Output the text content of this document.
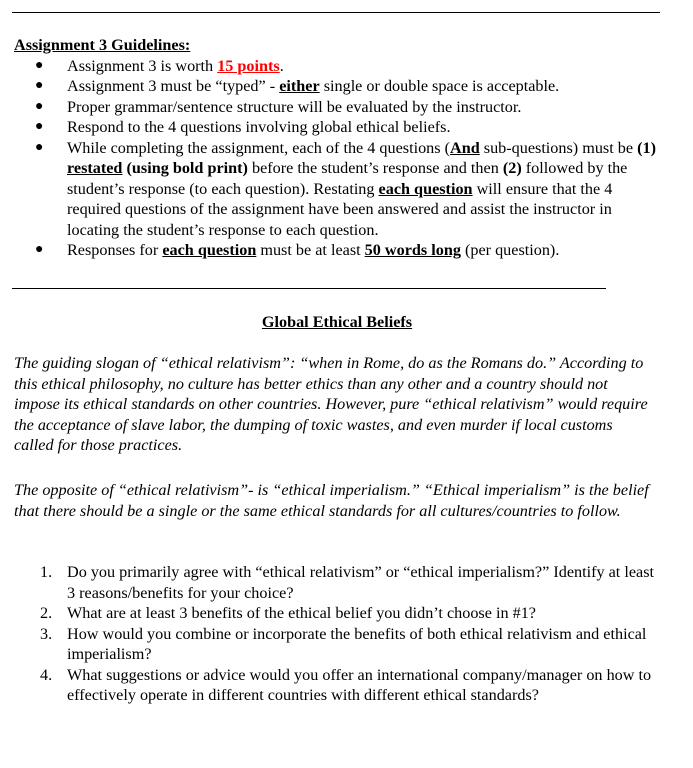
Assignment 3 Guidelines:
● Assignment 3 is worth 15 points.
● Assignment 3 must be “typed” - either single or double space is acceptable.
● Proper grammar/sentence structure will be evaluated by the instructor.
● Respond to the 4 questions involving global ethical beliefs.
● While completing the assignment, each of the 4 questions (And sub-questions) must be (1) restated (using bold print) before the student’s response and then (2) followed by the student’s response (to each question). Restating each question will ensure that the 4 required questions of the assignment have been answered and assist the instructor in locating the student’s response to each question.
● Responses for each question must be at least 50 words long (per question).
Global Ethical Beliefs

The guiding slogan of “ethical relativism”: “when in Rome, do as the Romans do.” According to this ethical philosophy, no culture has better ethics than any other and a country should not impose its ethical standards on other countries. However, pure “ethical relativism” would require the acceptance of slave labor, the dumping of toxic wastes, and even murder if local customs called for those practices.

The opposite of “ethical relativism”- is “ethical imperialism.” “Ethical imperialism” is the belief that there should be a single or the same ethical standards for all cultures/countries to follow.

1. Do you primarily agree with “ethical relativism” or “ethical imperialism?” Identify at least 3 reasons/benefits for your choice?
2. What are at least 3 benefits of the ethical belief you didn’t choose in #1?
3. How would you combine or incorporate the benefits of both ethical relativism and ethical imperialism?
4. What suggestions or advice would you offer an international company/manager on how to effectively operate in different countries with different ethical standards?
